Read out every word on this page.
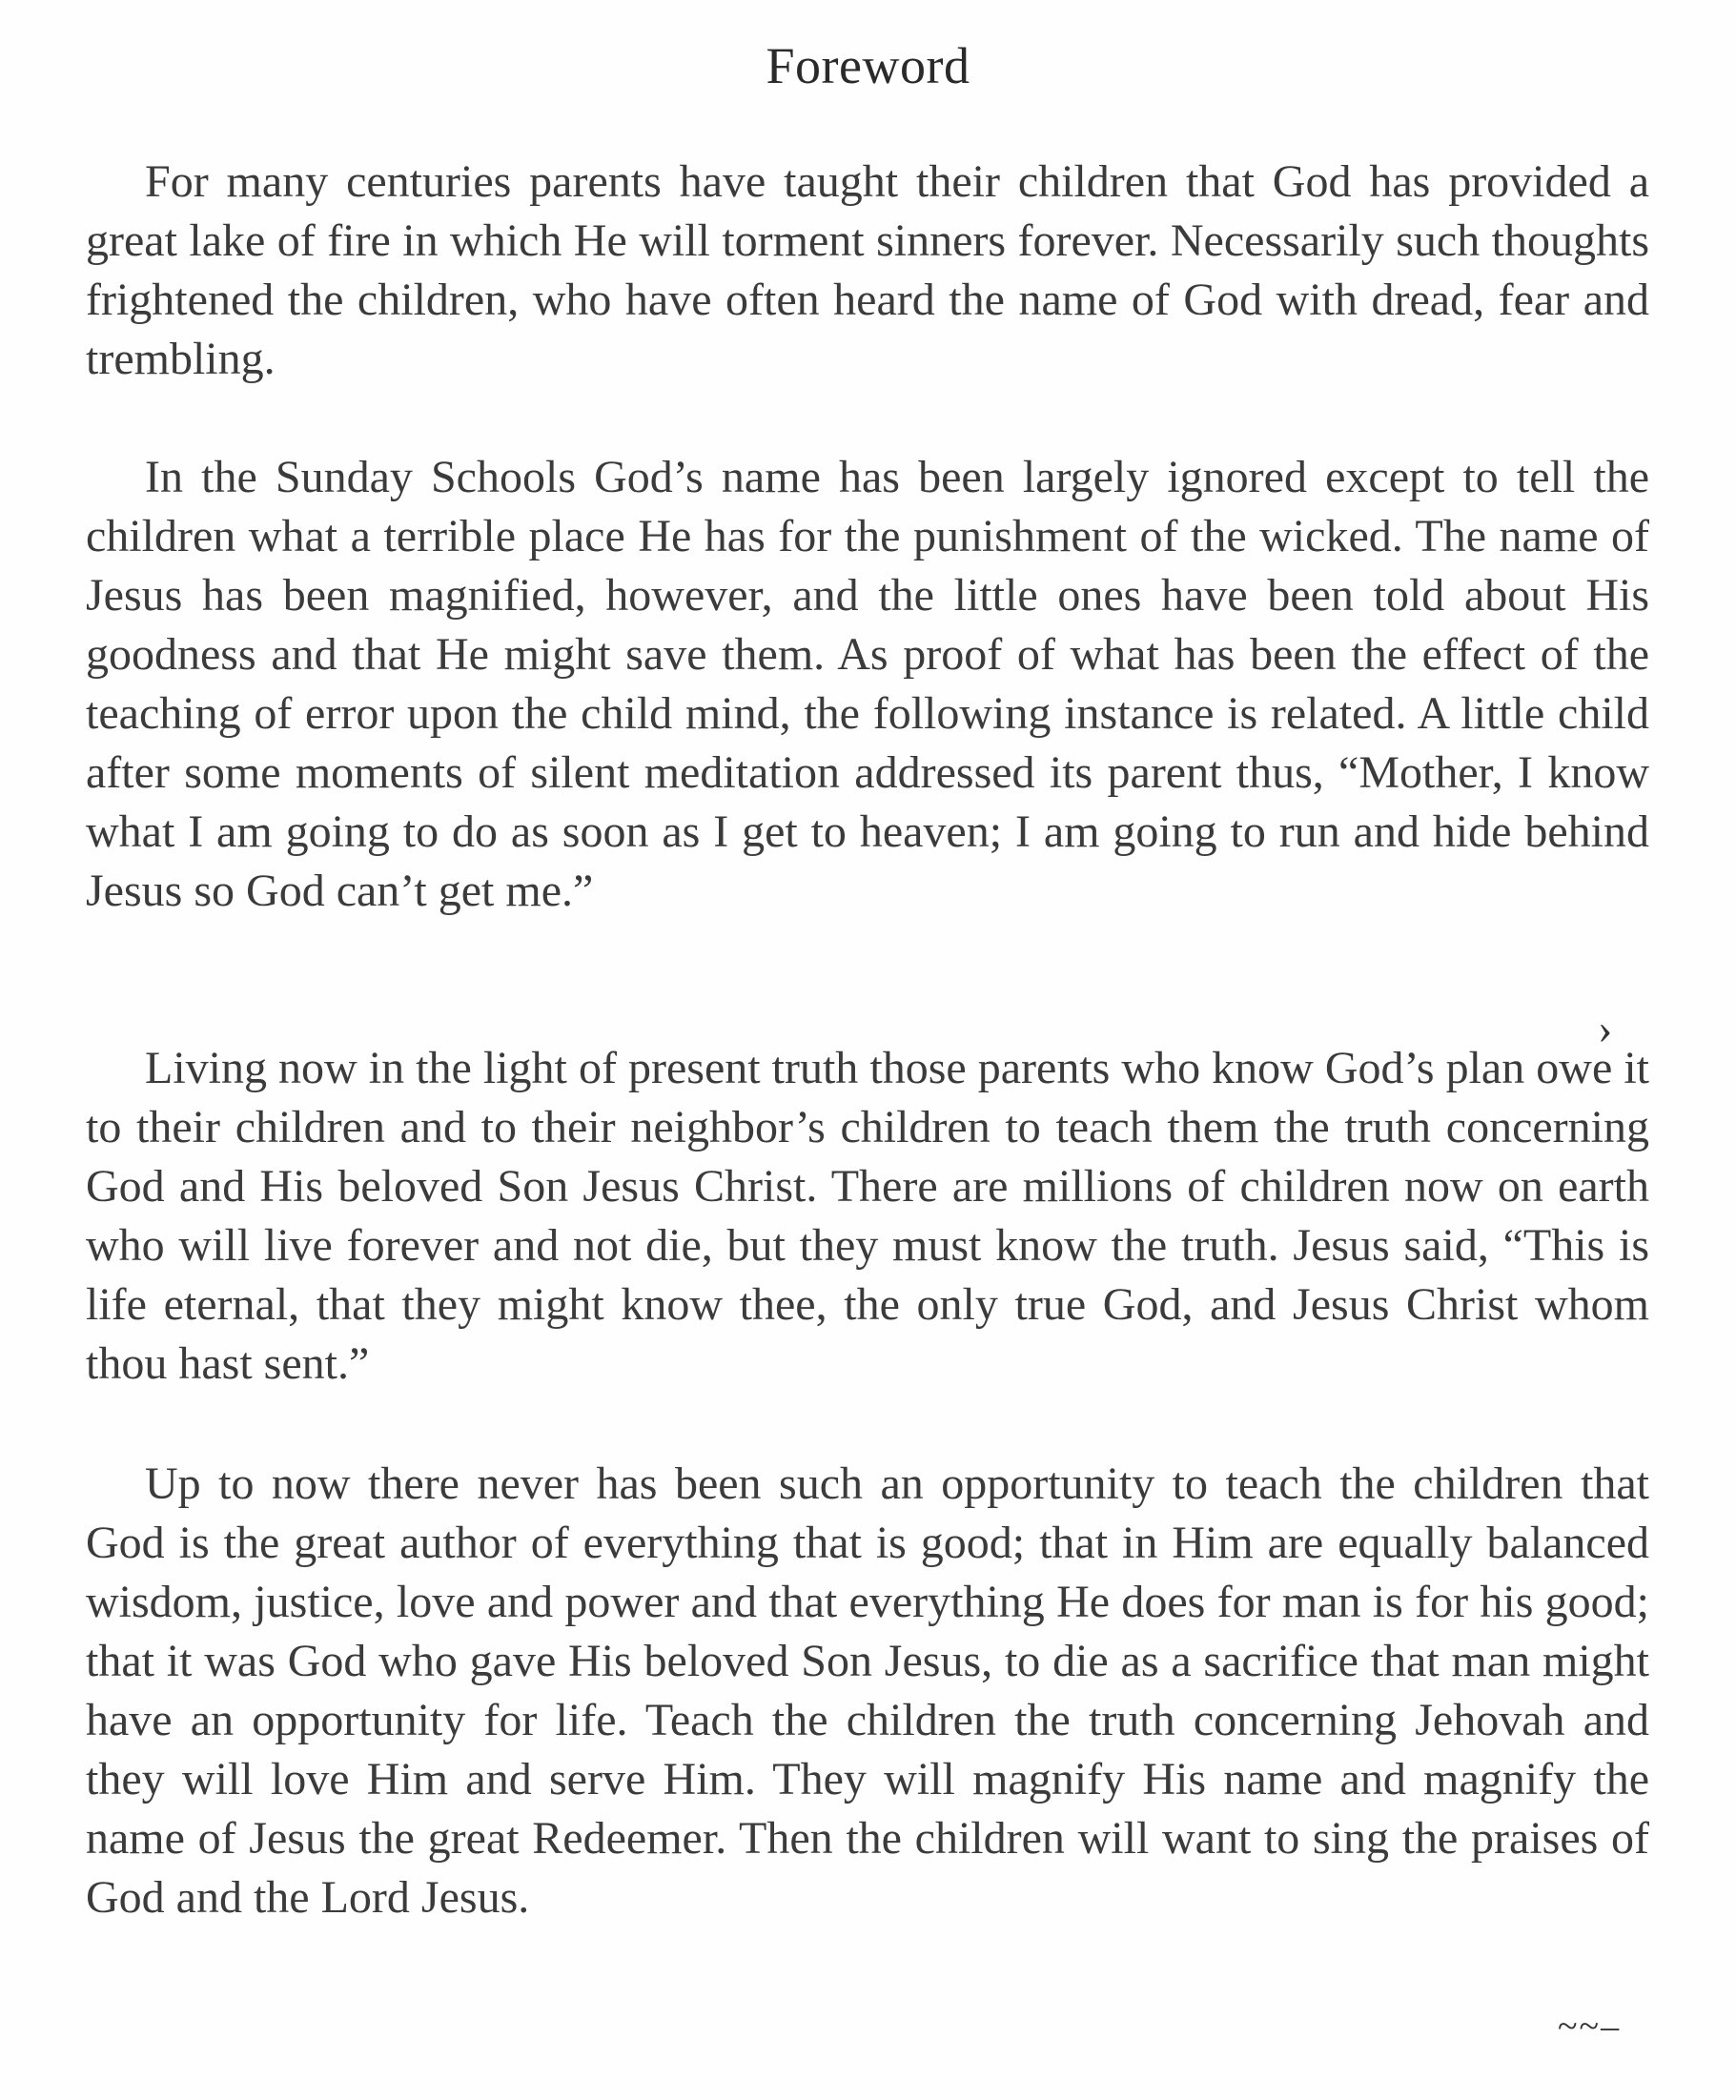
Foreword

For many centuries parents have taught their children that God has provided a great lake of fire in which He will torment sinners forever. Necessarily such thoughts frightened the children, who have often heard the name of God with dread, fear and trembling.

In the Sunday Schools God’s name has been largely ignored except to tell the children what a terrible place He has for the punishment of the wicked. The name of Jesus has been magnified, however, and the little ones have been told about His goodness and that He might save them. As proof of what has been the effect of the teaching of error upon the child mind, the following instance is related. A little child after some moments of silent meditation addressed its parent thus, “Mother, I know what I am going to do as soon as I get to heaven; I am going to run and hide behind Jesus so God can’t get me.”

Living now in the light of present truth those parents who know God’s plan owe it to their children and to their neighbor’s children to teach them the truth concerning God and His beloved Son Jesus Christ. There are millions of children now on earth who will live forever and not die, but they must know the truth. Jesus said, “This is life eternal, that they might know thee, the only true God, and Jesus Christ whom thou hast sent.”

Up to now there never has been such an opportunity to teach the children that God is the great author of everything that is good; that in Him are equally balanced wisdom, justice, love and power and that everything He does for man is for his good; that it was God who gave His beloved Son Jesus, to die as a sacrifice that man might have an opportunity for life. Teach the children the truth concerning Jehovah and they will love Him and serve Him. They will magnify His name and magnify the name of Jesus the great Redeemer. Then the children will want to sing the praises of God and the Lord Jesus.

›
~~–
